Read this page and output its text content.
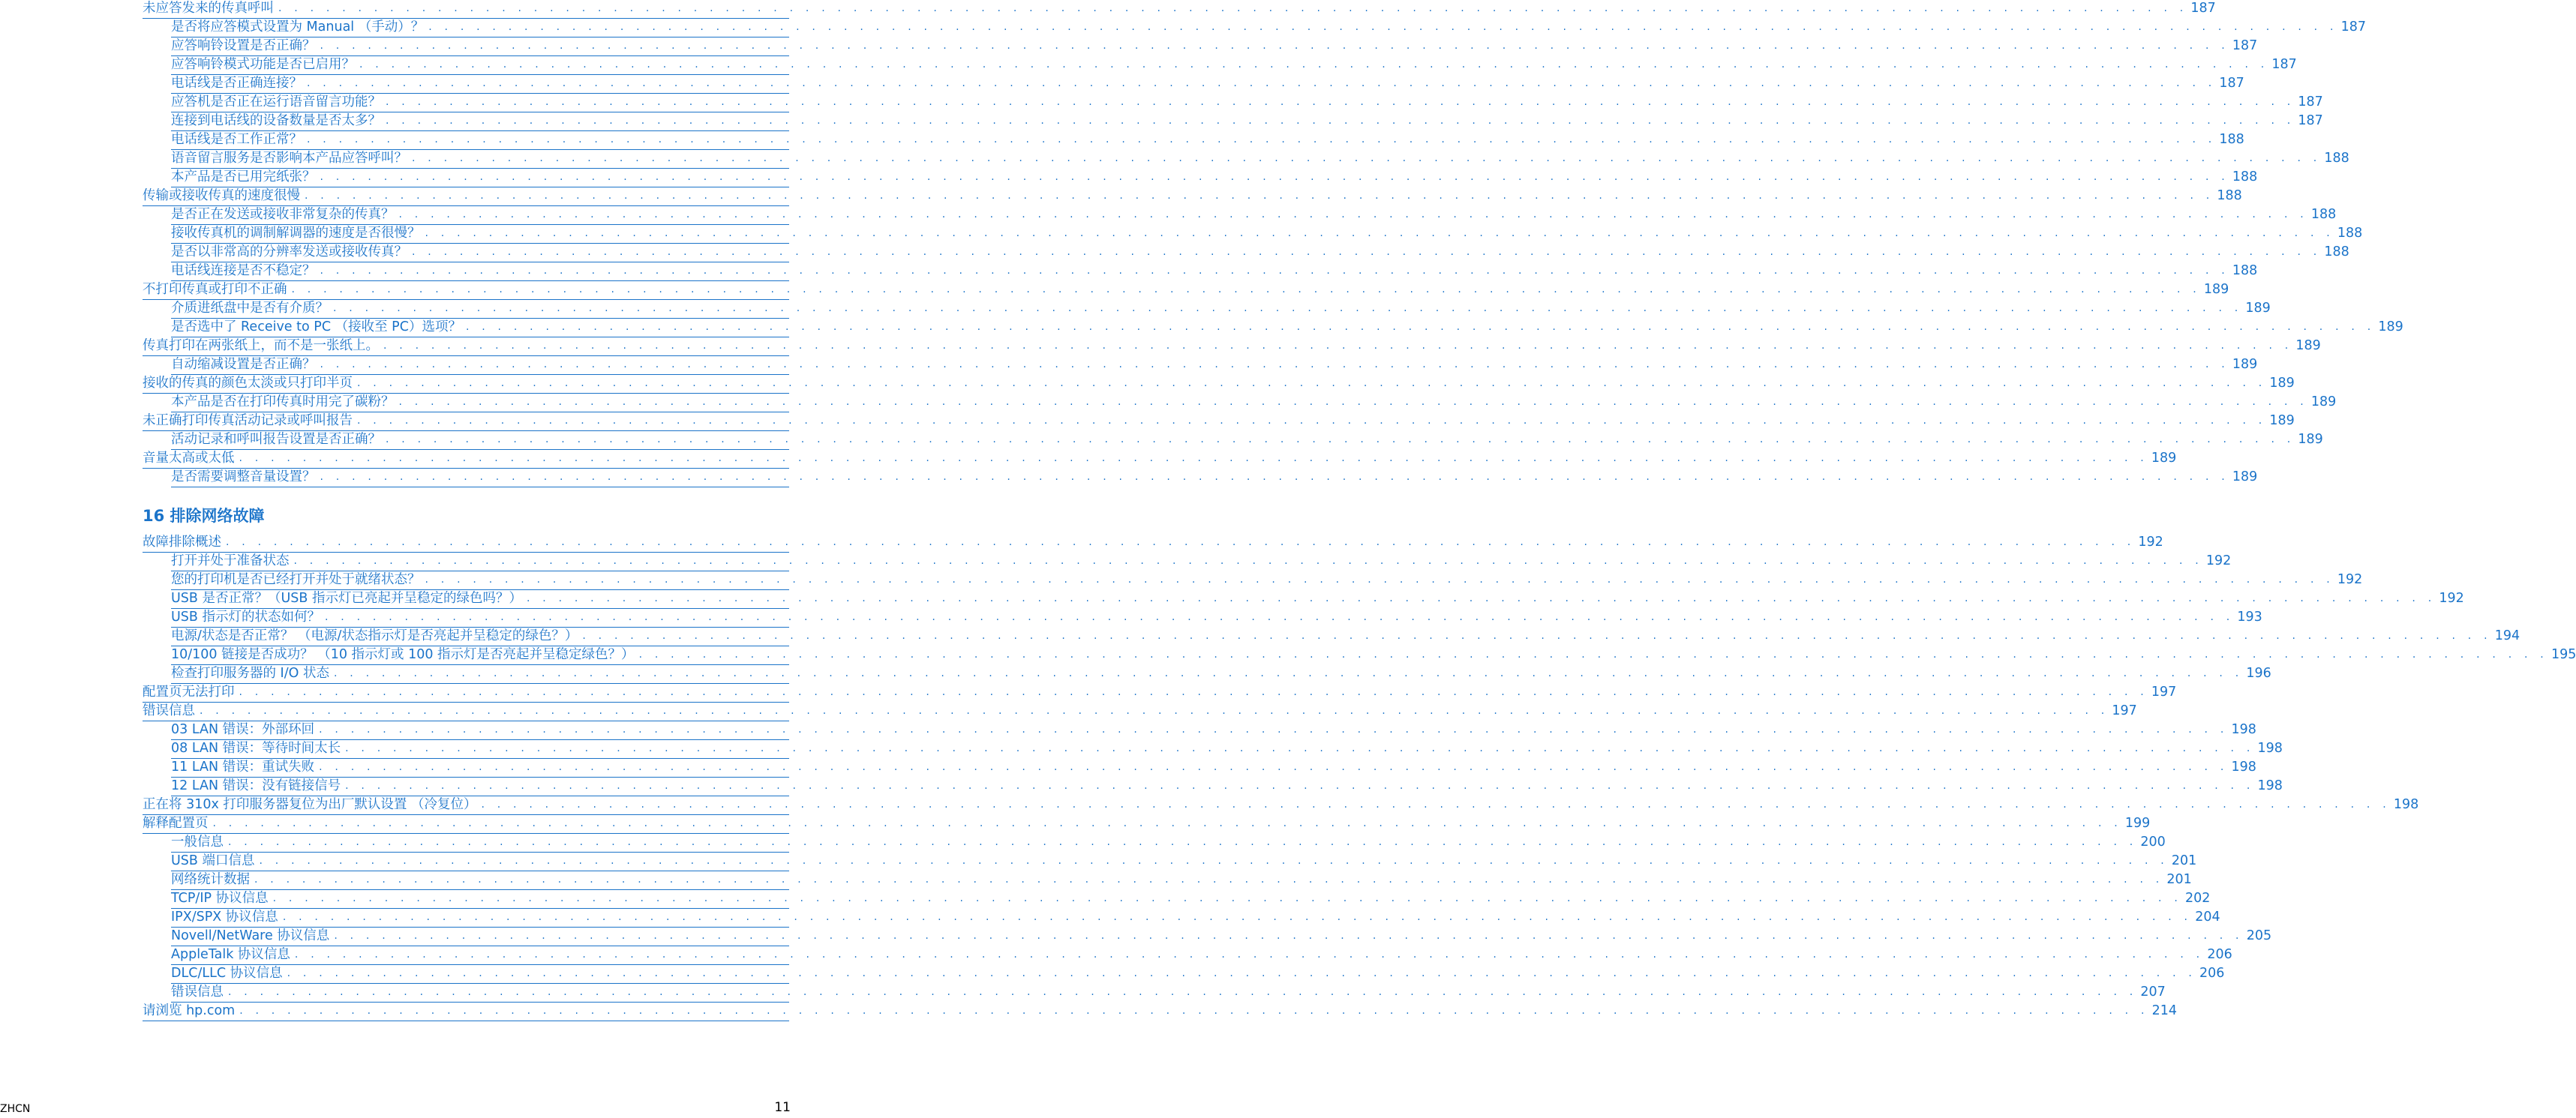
16 排除网络故障
ZHCN	11
未应答发来的传真呼叫 . . . . . . . . . . . . . . . . . . . . . . . . . . . . . . . . . . . . . . . . . . . . . . . . . . . . . . . . . . . . . . . . . . . . . . . . . . . . . . . . . . . . . . . . . . . . . . . . . . . . . . . . . . . . . . . . . . . . . . . . 187
是否将应答模式设置为 Manual （手动）？ . . . . . . . . . . . . . . . . . . . . . . . . . . . . . . . . . . . . . . . . . . . . . . . . . . . . . . . . . . . . . . . . . . . . . . . . . . . . . . . . . . . . . . . . . . . . . . . . . . . . . . . . . . . . . . . . . . . . . . . . 187
应答响铃设置是否正确？ . . . . . . . . . . . . . . . . . . . . . . . . . . . . . . . . . . . . . . . . . . . . . . . . . . . . . . . . . . . . . . . . . . . . . . . . . . . . . . . . . . . . . . . . . . . . . . . . . . . . . . . . . . . . . . . . . . . . . . . . 187
应答响铃模式功能是否已启用？ . . . . . . . . . . . . . . . . . . . . . . . . . . . . . . . . . . . . . . . . . . . . . . . . . . . . . . . . . . . . . . . . . . . . . . . . . . . . . . . . . . . . . . . . . . . . . . . . . . . . . . . . . . . . . . . . . . . . . . . . 187
电话线是否正确连接？ . . . . . . . . . . . . . . . . . . . . . . . . . . . . . . . . . . . . . . . . . . . . . . . . . . . . . . . . . . . . . . . . . . . . . . . . . . . . . . . . . . . . . . . . . . . . . . . . . . . . . . . . . . . . . . . . . . . . . . . . 187
应答机是否正在运行语音留言功能？ . . . . . . . . . . . . . . . . . . . . . . . . . . . . . . . . . . . . . . . . . . . . . . . . . . . . . . . . . . . . . . . . . . . . . . . . . . . . . . . . . . . . . . . . . . . . . . . . . . . . . . . . . . . . . . . . . . . . . . . . 187
连接到电话线的设备数量是否太多？ . . . . . . . . . . . . . . . . . . . . . . . . . . . . . . . . . . . . . . . . . . . . . . . . . . . . . . . . . . . . . . . . . . . . . . . . . . . . . . . . . . . . . . . . . . . . . . . . . . . . . . . . . . . . . . . . . . . . . . . . 187
电话线是否工作正常？ . . . . . . . . . . . . . . . . . . . . . . . . . . . . . . . . . . . . . . . . . . . . . . . . . . . . . . . . . . . . . . . . . . . . . . . . . . . . . . . . . . . . . . . . . . . . . . . . . . . . . . . . . . . . . . . . . . . . . . . . 188
语音留言服务是否影响本产品应答呼叫？ . . . . . . . . . . . . . . . . . . . . . . . . . . . . . . . . . . . . . . . . . . . . . . . . . . . . . . . . . . . . . . . . . . . . . . . . . . . . . . . . . . . . . . . . . . . . . . . . . . . . . . . . . . . . . . . . . . . . . . . . 188
本产品是否已用完纸张？ . . . . . . . . . . . . . . . . . . . . . . . . . . . . . . . . . . . . . . . . . . . . . . . . . . . . . . . . . . . . . . . . . . . . . . . . . . . . . . . . . . . . . . . . . . . . . . . . . . . . . . . . . . . . . . . . . . . . . . . . 188
传输或接收传真的速度很慢 . . . . . . . . . . . . . . . . . . . . . . . . . . . . . . . . . . . . . . . . . . . . . . . . . . . . . . . . . . . . . . . . . . . . . . . . . . . . . . . . . . . . . . . . . . . . . . . . . . . . . . . . . . . . . . . . . . . . . . . . 188
是否正在发送或接收非常复杂的传真？ . . . . . . . . . . . . . . . . . . . . . . . . . . . . . . . . . . . . . . . . . . . . . . . . . . . . . . . . . . . . . . . . . . . . . . . . . . . . . . . . . . . . . . . . . . . . . . . . . . . . . . . . . . . . . . . . . . . . . . . . 188
接收传真机的调制解调器的速度是否很慢？ . . . . . . . . . . . . . . . . . . . . . . . . . . . . . . . . . . . . . . . . . . . . . . . . . . . . . . . . . . . . . . . . . . . . . . . . . . . . . . . . . . . . . . . . . . . . . . . . . . . . . . . . . . . . . . . . . . . . . . . . 188
是否以非常高的分辨率发送或接收传真？ . . . . . . . . . . . . . . . . . . . . . . . . . . . . . . . . . . . . . . . . . . . . . . . . . . . . . . . . . . . . . . . . . . . . . . . . . . . . . . . . . . . . . . . . . . . . . . . . . . . . . . . . . . . . . . . . . . . . . . . . 188
电话线连接是否不稳定？ . . . . . . . . . . . . . . . . . . . . . . . . . . . . . . . . . . . . . . . . . . . . . . . . . . . . . . . . . . . . . . . . . . . . . . . . . . . . . . . . . . . . . . . . . . . . . . . . . . . . . . . . . . . . . . . . . . . . . . . . 188
不打印传真或打印不正确 . . . . . . . . . . . . . . . . . . . . . . . . . . . . . . . . . . . . . . . . . . . . . . . . . . . . . . . . . . . . . . . . . . . . . . . . . . . . . . . . . . . . . . . . . . . . . . . . . . . . . . . . . . . . . . . . . . . . . . . . 189
介质进纸盘中是否有介质？ . . . . . . . . . . . . . . . . . . . . . . . . . . . . . . . . . . . . . . . . . . . . . . . . . . . . . . . . . . . . . . . . . . . . . . . . . . . . . . . . . . . . . . . . . . . . . . . . . . . . . . . . . . . . . . . . . . . . . . . . 189
是否选中了 Receive to PC （接收至 PC）选项？ . . . . . . . . . . . . . . . . . . . . . . . . . . . . . . . . . . . . . . . . . . . . . . . . . . . . . . . . . . . . . . . . . . . . . . . . . . . . . . . . . . . . . . . . . . . . . . . . . . . . . . . . . . . . . . . . . . . . . . . . 189
传真打印在两张纸上，而不是一张纸上。 . . . . . . . . . . . . . . . . . . . . . . . . . . . . . . . . . . . . . . . . . . . . . . . . . . . . . . . . . . . . . . . . . . . . . . . . . . . . . . . . . . . . . . . . . . . . . . . . . . . . . . . . . . . . . . . . . . . . . . . . 189
自动缩减设置是否正确？ . . . . . . . . . . . . . . . . . . . . . . . . . . . . . . . . . . . . . . . . . . . . . . . . . . . . . . . . . . . . . . . . . . . . . . . . . . . . . . . . . . . . . . . . . . . . . . . . . . . . . . . . . . . . . . . . . . . . . . . . 189
接收的传真的颜色太淡或只打印半页 . . . . . . . . . . . . . . . . . . . . . . . . . . . . . . . . . . . . . . . . . . . . . . . . . . . . . . . . . . . . . . . . . . . . . . . . . . . . . . . . . . . . . . . . . . . . . . . . . . . . . . . . . . . . . . . . . . . . . . . . 189
本产品是否在打印传真时用完了碳粉？ . . . . . . . . . . . . . . . . . . . . . . . . . . . . . . . . . . . . . . . . . . . . . . . . . . . . . . . . . . . . . . . . . . . . . . . . . . . . . . . . . . . . . . . . . . . . . . . . . . . . . . . . . . . . . . . . . . . . . . . . 189
未正确打印传真活动记录或呼叫报告 . . . . . . . . . . . . . . . . . . . . . . . . . . . . . . . . . . . . . . . . . . . . . . . . . . . . . . . . . . . . . . . . . . . . . . . . . . . . . . . . . . . . . . . . . . . . . . . . . . . . . . . . . . . . . . . . . . . . . . . . 189
活动记录和呼叫报告设置是否正确？ . . . . . . . . . . . . . . . . . . . . . . . . . . . . . . . . . . . . . . . . . . . . . . . . . . . . . . . . . . . . . . . . . . . . . . . . . . . . . . . . . . . . . . . . . . . . . . . . . . . . . . . . . . . . . . . . . . . . . . . . 189
音量太高或太低 . . . . . . . . . . . . . . . . . . . . . . . . . . . . . . . . . . . . . . . . . . . . . . . . . . . . . . . . . . . . . . . . . . . . . . . . . . . . . . . . . . . . . . . . . . . . . . . . . . . . . . . . . . . . . . . . . . . . . . . . 189
是否需要调整音量设置？ . . . . . . . . . . . . . . . . . . . . . . . . . . . . . . . . . . . . . . . . . . . . . . . . . . . . . . . . . . . . . . . . . . . . . . . . . . . . . . . . . . . . . . . . . . . . . . . . . . . . . . . . . . . . . . . . . . . . . . . . 189
故障排除概述 . . . . . . . . . . . . . . . . . . . . . . . . . . . . . . . . . . . . . . . . . . . . . . . . . . . . . . . . . . . . . . . . . . . . . . . . . . . . . . . . . . . . . . . . . . . . . . . . . . . . . . . . . . . . . . . . . . . . . . . . 192
打开并处于准备状态 . . . . . . . . . . . . . . . . . . . . . . . . . . . . . . . . . . . . . . . . . . . . . . . . . . . . . . . . . . . . . . . . . . . . . . . . . . . . . . . . . . . . . . . . . . . . . . . . . . . . . . . . . . . . . . . . . . . . . . . . 192
您的打印机是否已经打开并处于就绪状态？ . . . . . . . . . . . . . . . . . . . . . . . . . . . . . . . . . . . . . . . . . . . . . . . . . . . . . . . . . . . . . . . . . . . . . . . . . . . . . . . . . . . . . . . . . . . . . . . . . . . . . . . . . . . . . . . . . . . . . . . . 192
USB 是否正常？（USB 指示灯已亮起并呈稳定的绿色吗？） . . . . . . . . . . . . . . . . . . . . . . . . . . . . . . . . . . . . . . . . . . . . . . . . . . . . . . . . . . . . . . . . . . . . . . . . . . . . . . . . . . . . . . . . . . . . . . . . . . . . . . . . . . . . . . . . . . . . . . . . 192
USB 指示灯的状态如何？ . . . . . . . . . . . . . . . . . . . . . . . . . . . . . . . . . . . . . . . . . . . . . . . . . . . . . . . . . . . . . . . . . . . . . . . . . . . . . . . . . . . . . . . . . . . . . . . . . . . . . . . . . . . . . . . . . . . . . . . . 193
电源/状态是否正常？ （电源/状态指示灯是否亮起并呈稳定的绿色？） . . . . . . . . . . . . . . . . . . . . . . . . . . . . . . . . . . . . . . . . . . . . . . . . . . . . . . . . . . . . . . . . . . . . . . . . . . . . . . . . . . . . . . . . . . . . . . . . . . . . . . . . . . . . . . . . . . . . . . . . 194
10/100 链接是否成功？ （10 指示灯或 100 指示灯是否亮起并呈稳定绿色？） . . . . . . . . . . . . . . . . . . . . . . . . . . . . . . . . . . . . . . . . . . . . . . . . . . . . . . . . . . . . . . . . . . . . . . . . . . . . . . . . . . . . . . . . . . . . . . . . . . . . . . . . . . . . . . . . . . . . . . . . 195
检查打印服务器的 I/O 状态 . . . . . . . . . . . . . . . . . . . . . . . . . . . . . . . . . . . . . . . . . . . . . . . . . . . . . . . . . . . . . . . . . . . . . . . . . . . . . . . . . . . . . . . . . . . . . . . . . . . . . . . . . . . . . . . . . . . . . . . . 196
配置页无法打印 . . . . . . . . . . . . . . . . . . . . . . . . . . . . . . . . . . . . . . . . . . . . . . . . . . . . . . . . . . . . . . . . . . . . . . . . . . . . . . . . . . . . . . . . . . . . . . . . . . . . . . . . . . . . . . . . . . . . . . . . 197
错误信息 . . . . . . . . . . . . . . . . . . . . . . . . . . . . . . . . . . . . . . . . . . . . . . . . . . . . . . . . . . . . . . . . . . . . . . . . . . . . . . . . . . . . . . . . . . . . . . . . . . . . . . . . . . . . . . . . . . . . . . . . 197
03 LAN 错误：外部环回 . . . . . . . . . . . . . . . . . . . . . . . . . . . . . . . . . . . . . . . . . . . . . . . . . . . . . . . . . . . . . . . . . . . . . . . . . . . . . . . . . . . . . . . . . . . . . . . . . . . . . . . . . . . . . . . . . . . . . . . . 198
08 LAN 错误：等待时间太长 . . . . . . . . . . . . . . . . . . . . . . . . . . . . . . . . . . . . . . . . . . . . . . . . . . . . . . . . . . . . . . . . . . . . . . . . . . . . . . . . . . . . . . . . . . . . . . . . . . . . . . . . . . . . . . . . . . . . . . . . 198
11 LAN 错误：重试失败 . . . . . . . . . . . . . . . . . . . . . . . . . . . . . . . . . . . . . . . . . . . . . . . . . . . . . . . . . . . . . . . . . . . . . . . . . . . . . . . . . . . . . . . . . . . . . . . . . . . . . . . . . . . . . . . . . . . . . . . . 198
12 LAN 错误：没有链接信号 . . . . . . . . . . . . . . . . . . . . . . . . . . . . . . . . . . . . . . . . . . . . . . . . . . . . . . . . . . . . . . . . . . . . . . . . . . . . . . . . . . . . . . . . . . . . . . . . . . . . . . . . . . . . . . . . . . . . . . . . 198
正在将 310x 打印服务器复位为出厂默认设置 （冷复位） . . . . . . . . . . . . . . . . . . . . . . . . . . . . . . . . . . . . . . . . . . . . . . . . . . . . . . . . . . . . . . . . . . . . . . . . . . . . . . . . . . . . . . . . . . . . . . . . . . . . . . . . . . . . . . . . . . . . . . . . 198
解释配置页 . . . . . . . . . . . . . . . . . . . . . . . . . . . . . . . . . . . . . . . . . . . . . . . . . . . . . . . . . . . . . . . . . . . . . . . . . . . . . . . . . . . . . . . . . . . . . . . . . . . . . . . . . . . . . . . . . . . . . . . . 199
一般信息 . . . . . . . . . . . . . . . . . . . . . . . . . . . . . . . . . . . . . . . . . . . . . . . . . . . . . . . . . . . . . . . . . . . . . . . . . . . . . . . . . . . . . . . . . . . . . . . . . . . . . . . . . . . . . . . . . . . . . . . . 200
USB 端口信息 . . . . . . . . . . . . . . . . . . . . . . . . . . . . . . . . . . . . . . . . . . . . . . . . . . . . . . . . . . . . . . . . . . . . . . . . . . . . . . . . . . . . . . . . . . . . . . . . . . . . . . . . . . . . . . . . . . . . . . . . 201
网络统计数据 . . . . . . . . . . . . . . . . . . . . . . . . . . . . . . . . . . . . . . . . . . . . . . . . . . . . . . . . . . . . . . . . . . . . . . . . . . . . . . . . . . . . . . . . . . . . . . . . . . . . . . . . . . . . . . . . . . . . . . . . 201
TCP/IP 协议信息 . . . . . . . . . . . . . . . . . . . . . . . . . . . . . . . . . . . . . . . . . . . . . . . . . . . . . . . . . . . . . . . . . . . . . . . . . . . . . . . . . . . . . . . . . . . . . . . . . . . . . . . . . . . . . . . . . . . . . . . . 202
IPX/SPX 协议信息 . . . . . . . . . . . . . . . . . . . . . . . . . . . . . . . . . . . . . . . . . . . . . . . . . . . . . . . . . . . . . . . . . . . . . . . . . . . . . . . . . . . . . . . . . . . . . . . . . . . . . . . . . . . . . . . . . . . . . . . . 204
Novell/NetWare 协议信息 . . . . . . . . . . . . . . . . . . . . . . . . . . . . . . . . . . . . . . . . . . . . . . . . . . . . . . . . . . . . . . . . . . . . . . . . . . . . . . . . . . . . . . . . . . . . . . . . . . . . . . . . . . . . . . . . . . . . . . . . 205
AppleTalk 协议信息 . . . . . . . . . . . . . . . . . . . . . . . . . . . . . . . . . . . . . . . . . . . . . . . . . . . . . . . . . . . . . . . . . . . . . . . . . . . . . . . . . . . . . . . . . . . . . . . . . . . . . . . . . . . . . . . . . . . . . . . . 206
DLC/LLC 协议信息 . . . . . . . . . . . . . . . . . . . . . . . . . . . . . . . . . . . . . . . . . . . . . . . . . . . . . . . . . . . . . . . . . . . . . . . . . . . . . . . . . . . . . . . . . . . . . . . . . . . . . . . . . . . . . . . . . . . . . . . . 206
错误信息 . . . . . . . . . . . . . . . . . . . . . . . . . . . . . . . . . . . . . . . . . . . . . . . . . . . . . . . . . . . . . . . . . . . . . . . . . . . . . . . . . . . . . . . . . . . . . . . . . . . . . . . . . . . . . . . . . . . . . . . . 207
请浏览 hp.com . . . . . . . . . . . . . . . . . . . . . . . . . . . . . . . . . . . . . . . . . . . . . . . . . . . . . . . . . . . . . . . . . . . . . . . . . . . . . . . . . . . . . . . . . . . . . . . . . . . . . . . . . . . . . . . . . . . . . . . . 214
